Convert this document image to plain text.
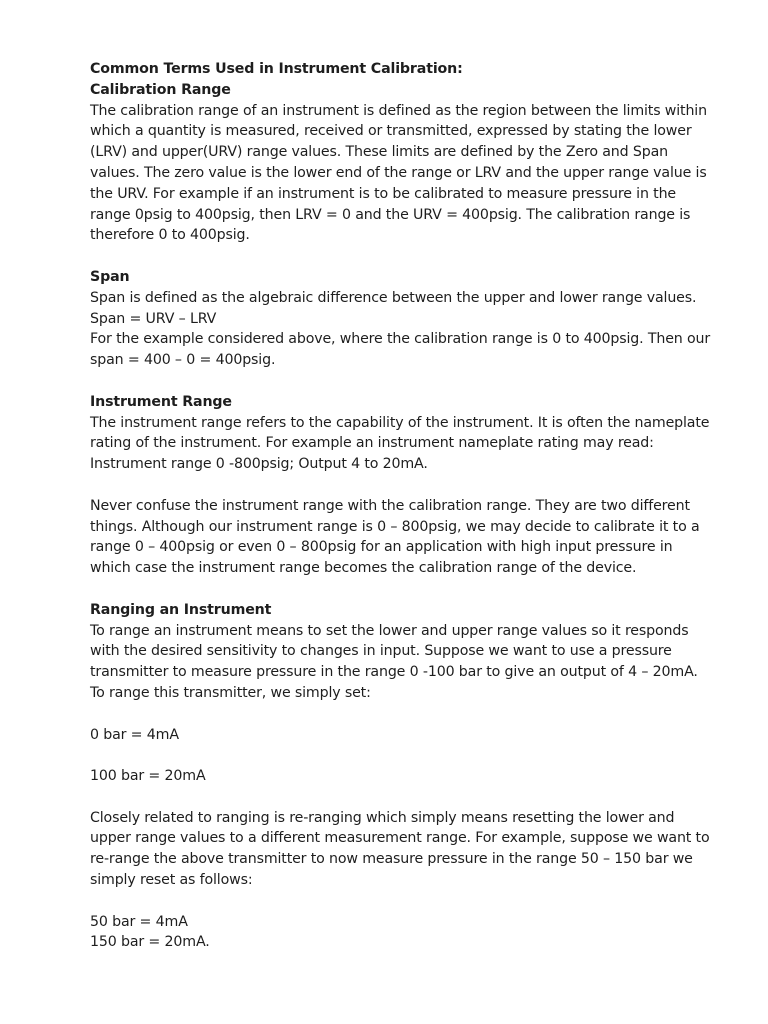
Common Terms Used in Instrument Calibration:
Calibration Range
The calibration range of an instrument is defined as the region between the limits within
which a quantity is measured, received or transmitted, expressed by stating the lower
(LRV) and upper(URV) range values. These limits are defined by the Zero and Span
values. The zero value is the lower end of the range or LRV and the upper range value is
the URV. For example if an instrument is to be calibrated to measure pressure in the
range 0psig to 400psig, then LRV = 0 and the URV = 400psig. The calibration range is
therefore 0 to 400psig.
Span
Span is defined as the algebraic difference between the upper and lower range values.
Span = URV – LRV
For the example considered above, where the calibration range is 0 to 400psig. Then our
span = 400 – 0 = 400psig.
Instrument Range
The instrument range refers to the capability of the instrument. It is often the nameplate
rating of the instrument. For example an instrument nameplate rating may read:
Instrument range 0 -800psig; Output 4 to 20mA.
Never confuse the instrument range with the calibration range. They are two different
things. Although our instrument range is 0 – 800psig, we may decide to calibrate it to a
range 0 – 400psig or even 0 – 800psig for an application with high input pressure in
which case the instrument range becomes the calibration range of the device.
Ranging an Instrument
To range an instrument means to set the lower and upper range values so it responds
with the desired sensitivity to changes in input. Suppose we want to use a pressure
transmitter to measure pressure in the range 0 -100 bar to give an output of 4 – 20mA.
To range this transmitter, we simply set:
0 bar = 4mA
100 bar = 20mA
Closely related to ranging is re-ranging which simply means resetting the lower and
upper range values to a different measurement range. For example, suppose we want to
re-range the above transmitter to now measure pressure in the range 50 – 150 bar we
simply reset as follows:
50 bar = 4mA
150 bar = 20mA.
